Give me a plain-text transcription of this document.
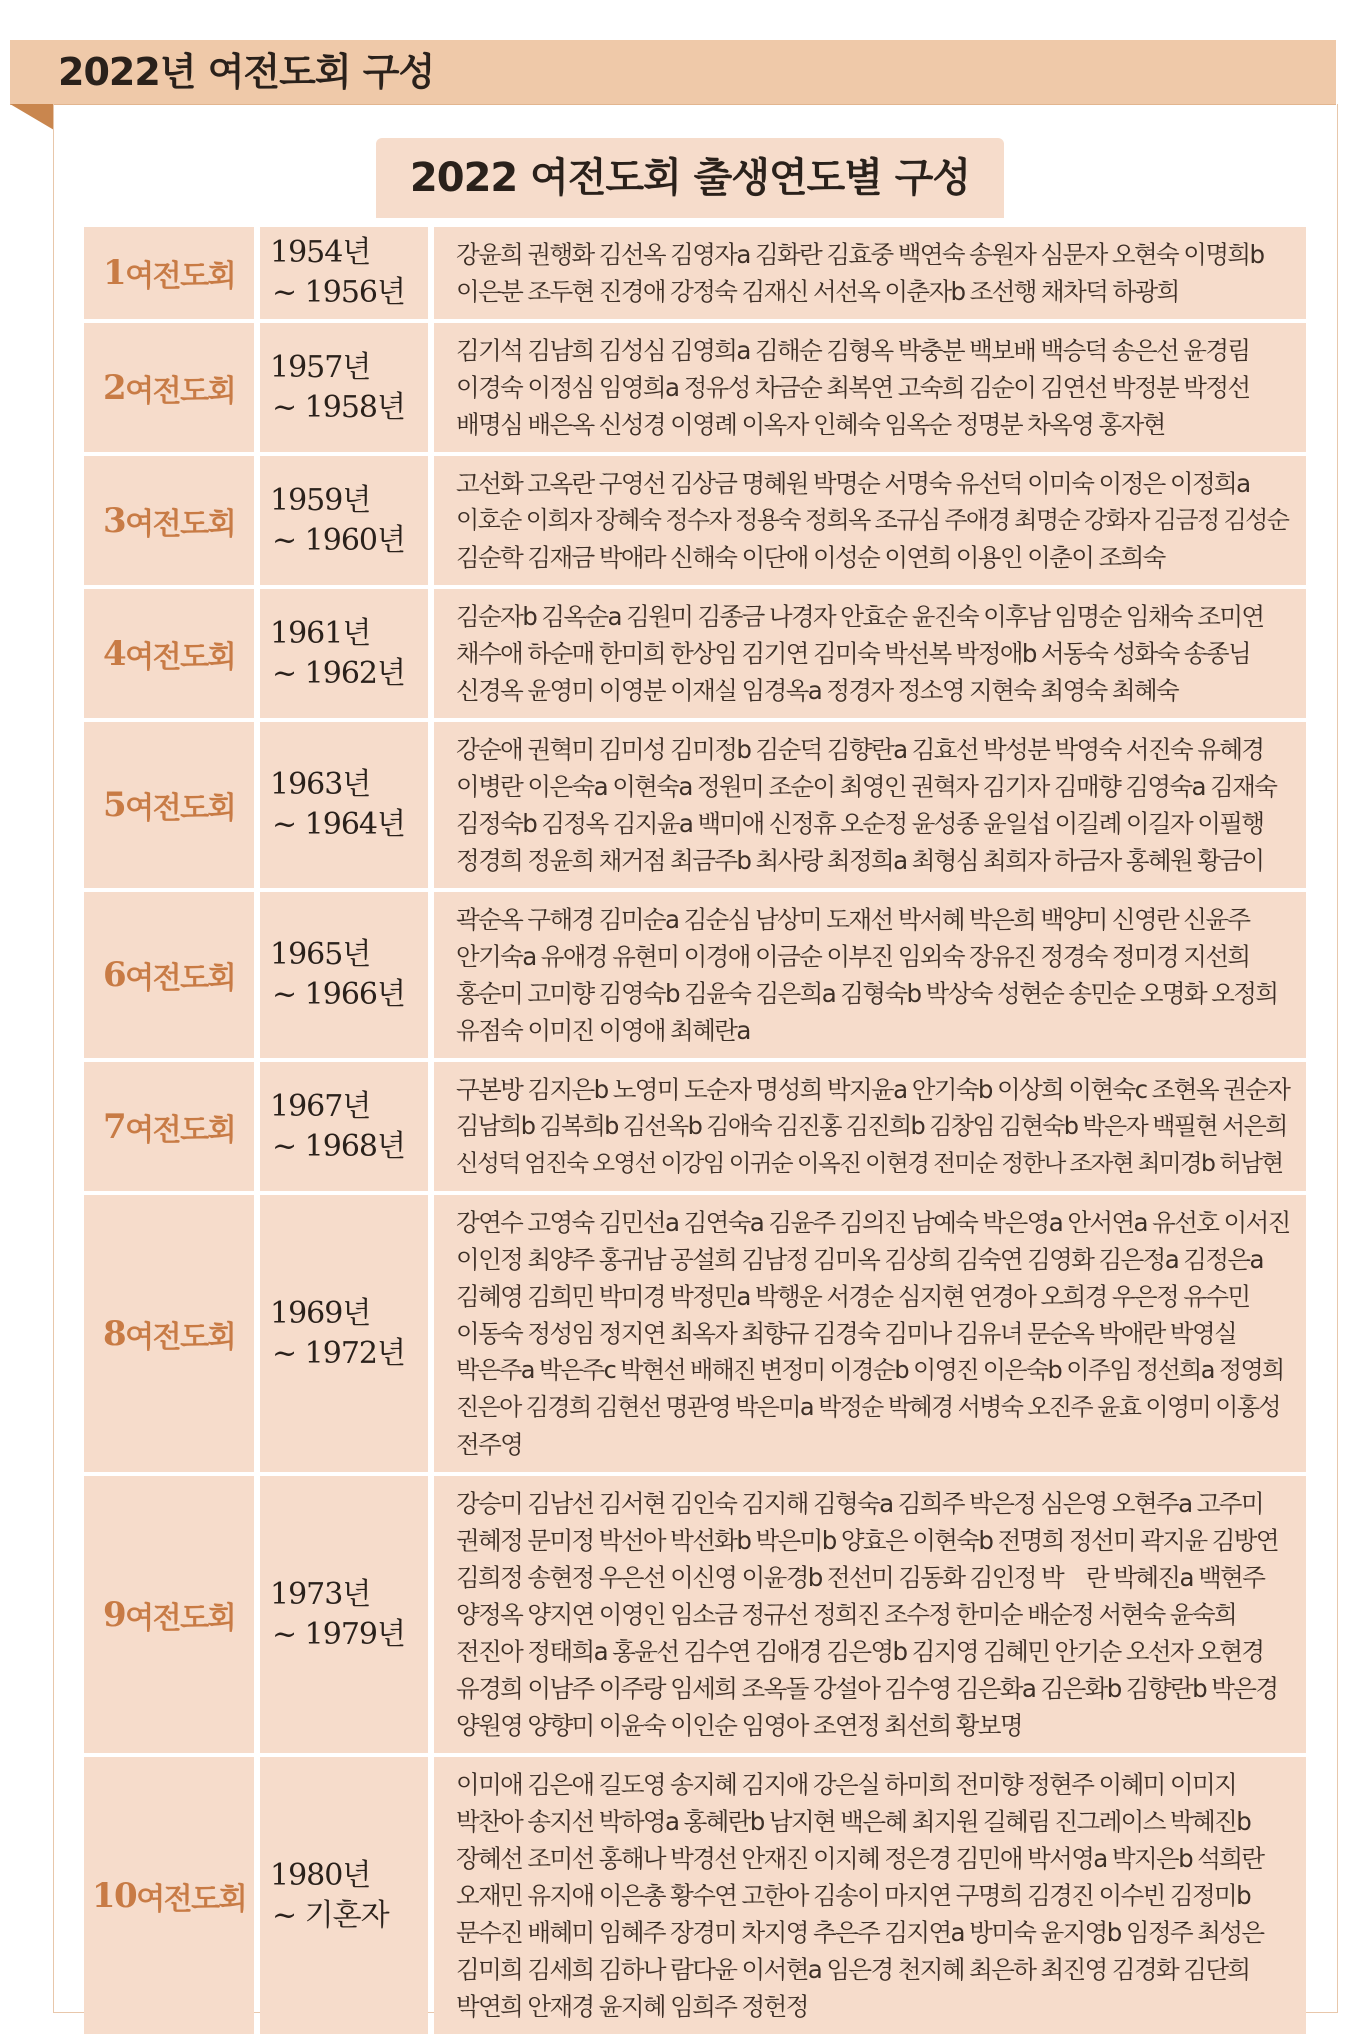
2022년 여전도회 구성
2022 여전도회 출생연도별 구성
1 여전도회
1954년
~ 1956년
강윤희 권행화 김선옥 김영자a 김화란 김효중 백연숙 송원자 심문자 오현숙 이명희b
이은분 조두현 진경애 강정숙 김재신 서선옥 이춘자b 조선행 채차덕 하광희
2 여전도회
1957년
~ 1958년
김기석 김남희 김성심 김영희a 김해순 김형옥 박충분 백보배 백승덕 송은선 윤경림
이경숙 이정심 임영희a 정유성 차금순 최복연 고숙희 김순이 김연선 박정분 박정선
배명심 배은옥 신성경 이영례 이옥자 인혜숙 임옥순 정명분 차옥영 홍자현
3 여전도회
1959년
~ 1960년
고선화 고옥란 구영선 김상금 명혜원 박명순 서명숙 유선덕 이미숙 이정은 이정희a
이호순 이희자 장혜숙 정수자 정용숙 정희옥 조규심 주애경 최명순 강화자 김금정 김성순
김순학 김재금 박애라 신해숙 이단애 이성순 이연희 이용인 이춘이 조희숙
4 여전도회
1961년
~ 1962년
김순자b 김옥순a 김원미 김종금 나경자 안효순 윤진숙 이후남 임명순 임채숙 조미연
채수애 하순매 한미희 한상임 김기연 김미숙 박선복 박정애b 서동숙 성화숙 송종님
신경옥 윤영미 이영분 이재실 임경옥a 정경자 정소영 지현숙 최영숙 최혜숙
5 여전도회
1963년
~ 1964년
강순애 권혁미 김미성 김미정b 김순덕 김향란a 김효선 박성분 박영숙 서진숙 유혜경
이병란 이은숙a 이현숙a 정원미 조순이 최영인 권혁자 김기자 김매향 김영숙a 김재숙
김정숙b 김정옥 김지윤a 백미애 신정휴 오순정 윤성종 윤일섭 이길례 이길자 이필행
정경희 정윤희 채거점 최금주b 최사랑 최정희a 최형심 최희자 하금자 홍혜원 황금이
6 여전도회
1965년
~ 1966년
곽순옥 구해경 김미순a 김순심 남상미 도재선 박서혜 박은희 백양미 신영란 신윤주
안기숙a 유애경 유현미 이경애 이금순 이부진 임외숙 장유진 정경숙 정미경 지선희
홍순미 고미향 김영숙b 김윤숙 김은희a 김형숙b 박상숙 성현순 송민순 오명화 오정희
유점숙 이미진 이영애 최혜란a
7 여전도회
1967년
~ 1968년
구본방 김지은b 노영미 도순자 명성희 박지윤a 안기숙b 이상희 이현숙c 조현옥 권순자
김남희b 김복희b 김선옥b 김애숙 김진홍 김진희b 김창임 김현숙b 박은자 백필현 서은희
신성덕 엄진숙 오영선 이강임 이귀순 이옥진 이현경 전미순 정한나 조자현 최미경b 허남현
8 여전도회
1969년
~ 1972년
강연수 고영숙 김민선a 김연숙a 김윤주 김의진 남예숙 박은영a 안서연a 유선호 이서진
이인정 최양주 홍귀남 공설희 김남정 김미옥 김상희 김숙연 김영화 김은정a 김정은a
김혜영 김희민 박미경 박정민a 박행운 서경순 심지현 연경아 오희경 우은정 유수민
이동숙 정성임 정지연 최옥자 최향규 김경숙 김미나 김유녀 문순옥 박애란 박영실
박은주a 박은주c 박현선 배해진 변정미 이경순b 이영진 이은숙b 이주임 정선희a 정영희
진은아 김경희 김현선 명관영 박은미a 박정순 박혜경 서병숙 오진주 윤효 이영미 이홍성
전주영
9 여전도회
1973년
~ 1979년
강승미 김남선 김서현 김인숙 김지해 김형숙a 김희주 박은정 심은영 오현주a 고주미
권혜정 문미정 박선아 박선화b 박은미b 양효은 이현숙b 전명희 정선미 곽지윤 김방연
김희정 송현정 우은선 이신영 이윤경b 전선미 김동화 김인정 박　란 박혜진a 백현주
양정옥 양지연 이영인 임소금 정규선 정희진 조수정 한미순 배순정 서현숙 윤숙희
전진아 정태희a 홍윤선 김수연 김애경 김은영b 김지영 김혜민 안기순 오선자 오현경
유경희 이남주 이주랑 임세희 조옥돌 강설아 김수영 김은화a 김은화b 김향란b 박은경
양원영 양향미 이윤숙 이인순 임영아 조연정 최선희 황보명
10 여전도회
1980년
~ 기혼자
이미애 김은애 길도영 송지혜 김지애 강은실 하미희 전미향 정현주 이혜미 이미지
박찬아 송지선 박하영a 홍혜란b 남지현 백은혜 최지원 길혜림 진그레이스 박혜진b
장혜선 조미선 홍해나 박경선 안재진 이지혜 정은경 김민애 박서영a 박지은b 석희란
오재민 유지애 이은총 황수연 고한아 김송이 마지연 구명희 김경진 이수빈 김정미b
문수진 배혜미 임혜주 장경미 차지영 추은주 김지연a 방미숙 윤지영b 임정주 최성은
김미희 김세희 김하나 람다윤 이서현a 임은경 천지혜 최은하 최진영 김경화 김단희
박연희 안재경 윤지혜 임희주 정헌정
